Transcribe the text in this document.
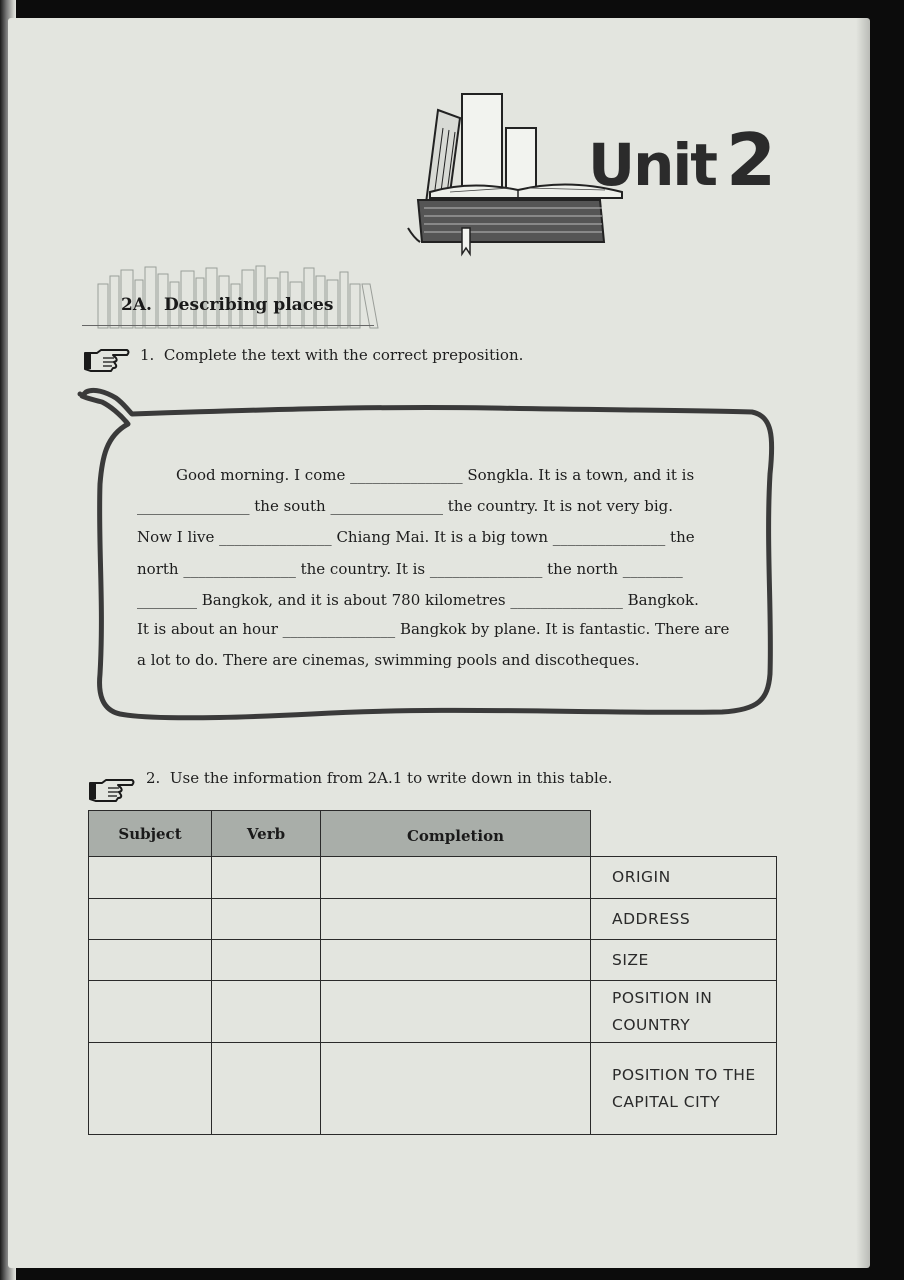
Unit 2
2A. Describing places
1. Complete the text with the correct preposition.
Good morning. I come _______________ Songkla. It is a town, and it is
_______________ the south _______________ the country. It is not very big.
Now I live _______________ Chiang Mai. It is a big town _______________ the
north _______________ the country. It is _______________ the north ________
________ Bangkok, and it is about 780 kilometres _______________ Bangkok.
It is about an hour _______________ Bangkok by plane. It is fantastic. There are
a lot to do. There are cinemas, swimming pools and discotheques.
2. Use the information from 2A.1 to write down in this table.
Subject	Verb	Completion	
			ORIGIN
			ADDRESS
			SIZE
			POSITION IN COUNTRY
			POSITION TO THE CAPITAL CITY
